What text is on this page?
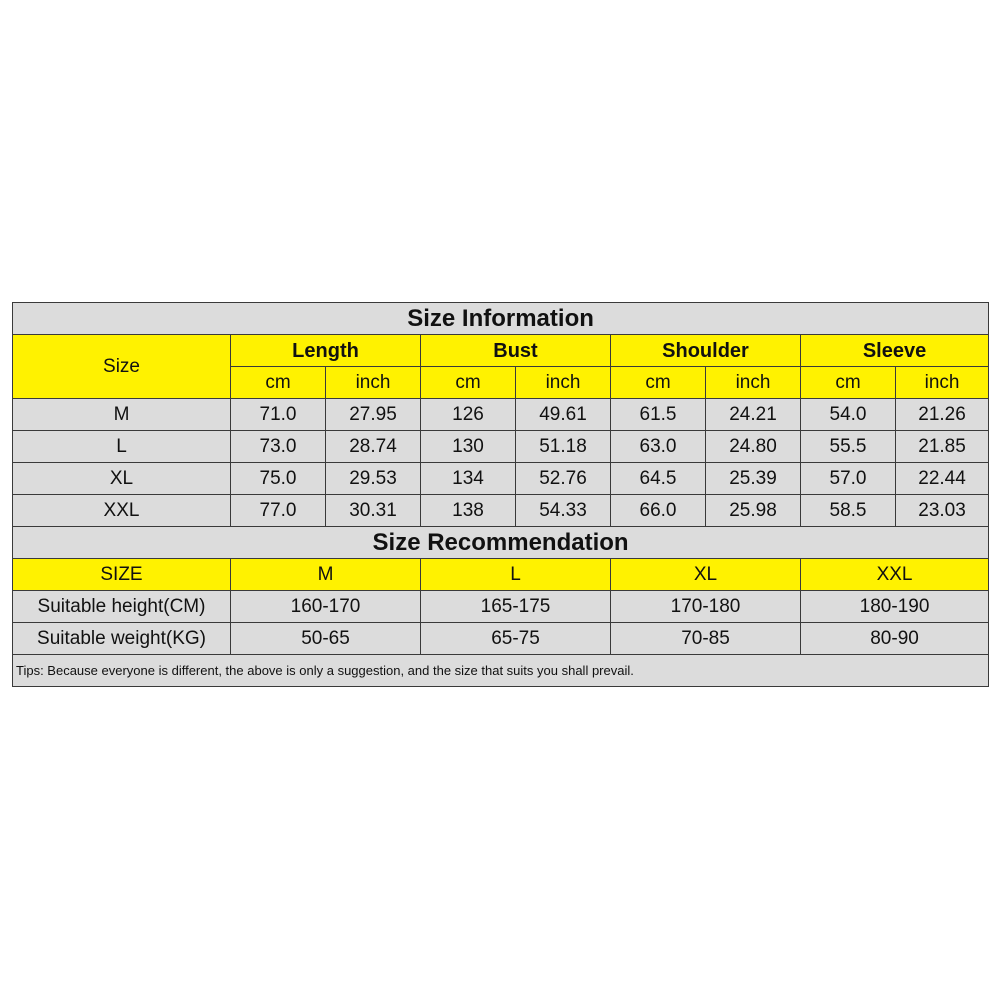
Size Information								
Size	Length		Bust		Shoulder		Sleeve	
	cm	inch	cm	inch	cm	inch	cm	inch
M	71.0	27.95	126	49.61	61.5	24.21	54.0	21.26
L	73.0	28.74	130	51.18	63.0	24.80	55.5	21.85
XL	75.0	29.53	134	52.76	64.5	25.39	57.0	22.44
XXL	77.0	30.31	138	54.33	66.0	25.98	58.5	23.03
Size Recommendation								
SIZE	M		L		XL		XXL	
Suitable height(CM)	160-170		165-175		170-180		180-190	
Suitable weight(KG)	50-65		65-75		70-85		80-90	
Tips: Because everyone is different, the above is only a suggestion, and the size that suits you shall prevail.								
